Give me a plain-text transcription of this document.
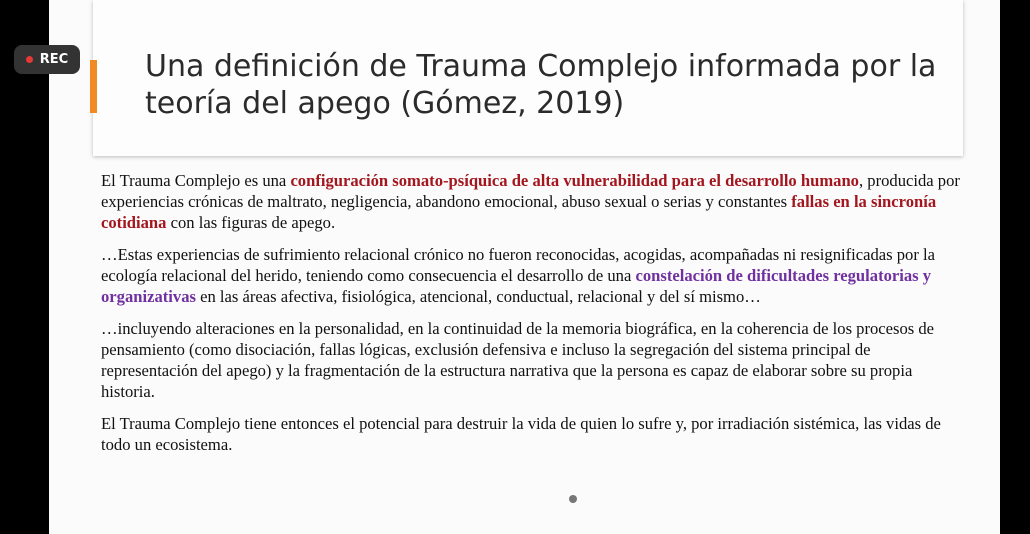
Una definición de Trauma Complejo informada por la teoría del apego (Gómez, 2019)

El Trauma Complejo es una configuración somato-psíquica de alta vulnerabilidad para el desarrollo humano, producida por experiencias crónicas de maltrato, negligencia, abandono emocional, abuso sexual o serias y constantes fallas en la sincronía cotidiana con las figuras de apego.

…Estas experiencias de sufrimiento relacional crónico no fueron reconocidas, acogidas, acompañadas ni resignificadas por la ecología relacional del herido, teniendo como consecuencia el desarrollo de una constelación de dificultades regulatorias y organizativas en las áreas afectiva, fisiológica, atencional, conductual, relacional y del sí mismo…

…incluyendo alteraciones en la personalidad, en la continuidad de la memoria biográfica, en la coherencia de los procesos de pensamiento (como disociación, fallas lógicas, exclusión defensiva e incluso la segregación del sistema principal de representación del apego) y la fragmentación de la estructura narrativa que la persona es capaz de elaborar sobre su propia historia.

El Trauma Complejo tiene entonces el potencial para destruir la vida de quien lo sufre y, por irradiación sistémica, las vidas de todo un ecosistema.

REC
